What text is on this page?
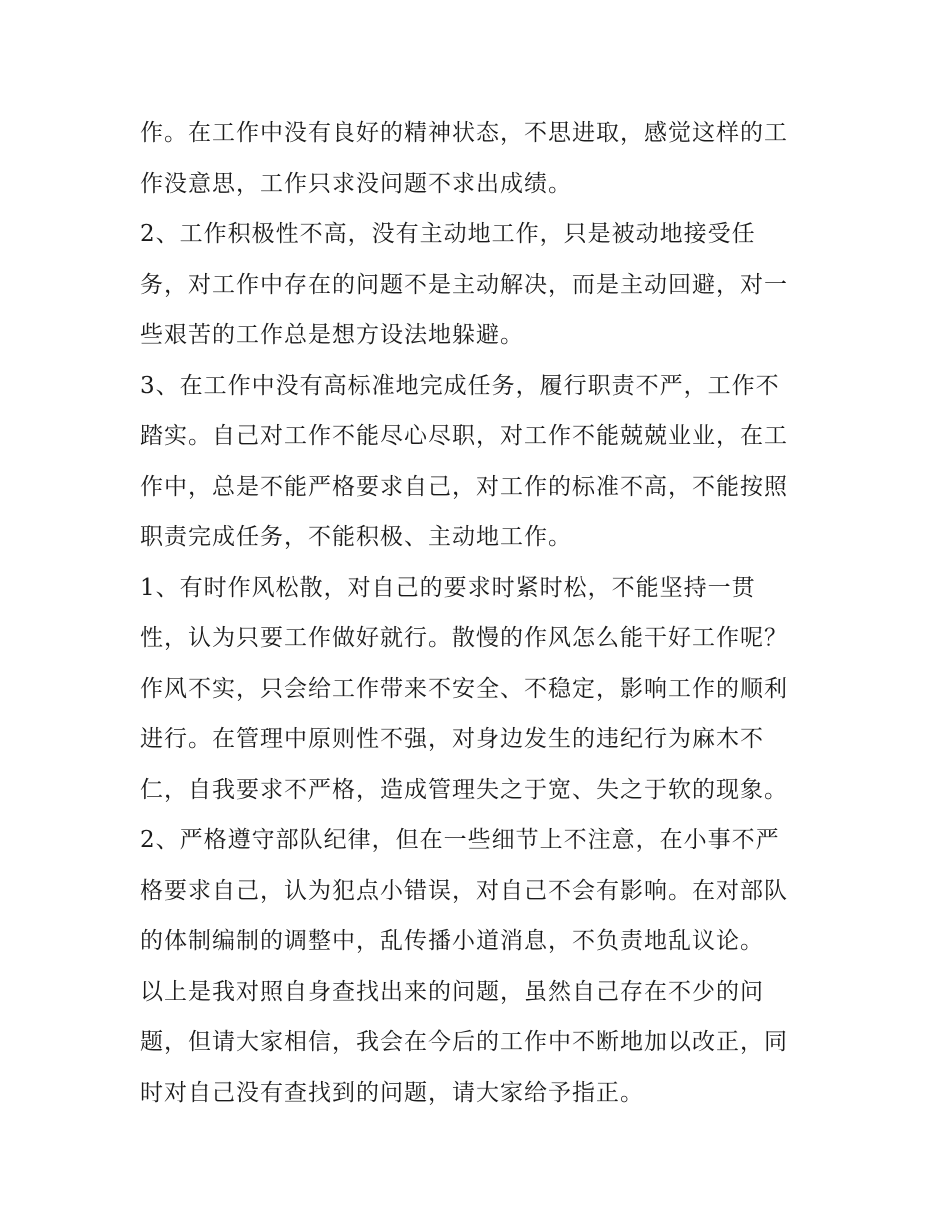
作。在工作中没有良好的精神状态，不思进取，感觉这样的工
作没意思，工作只求没问题不求出成绩。
2、工作积极性不高，没有主动地工作，只是被动地接受任
务，对工作中存在的问题不是主动解决，而是主动回避，对一
些艰苦的工作总是想方设法地躲避。
3、在工作中没有高标准地完成任务，履行职责不严，工作不
踏实。自己对工作不能尽心尽职，对工作不能兢兢业业，在工
作中，总是不能严格要求自己，对工作的标准不高，不能按照
职责完成任务，不能积极、主动地工作。
1、有时作风松散，对自己的要求时紧时松，不能坚持一贯
性，认为只要工作做好就行。散慢的作风怎么能干好工作呢？
作风不实，只会给工作带来不安全、不稳定，影响工作的顺利
进行。在管理中原则性不强，对身边发生的违纪行为麻木不
仁，自我要求不严格，造成管理失之于宽、失之于软的现象。
2、严格遵守部队纪律，但在一些细节上不注意，在小事不严
格要求自己，认为犯点小错误，对自己不会有影响。在对部队
的体制编制的调整中，乱传播小道消息，不负责地乱议论。
以上是我对照自身查找出来的问题，虽然自己存在不少的问
题，但请大家相信，我会在今后的工作中不断地加以改正，同
时对自己没有查找到的问题，请大家给予指正。
